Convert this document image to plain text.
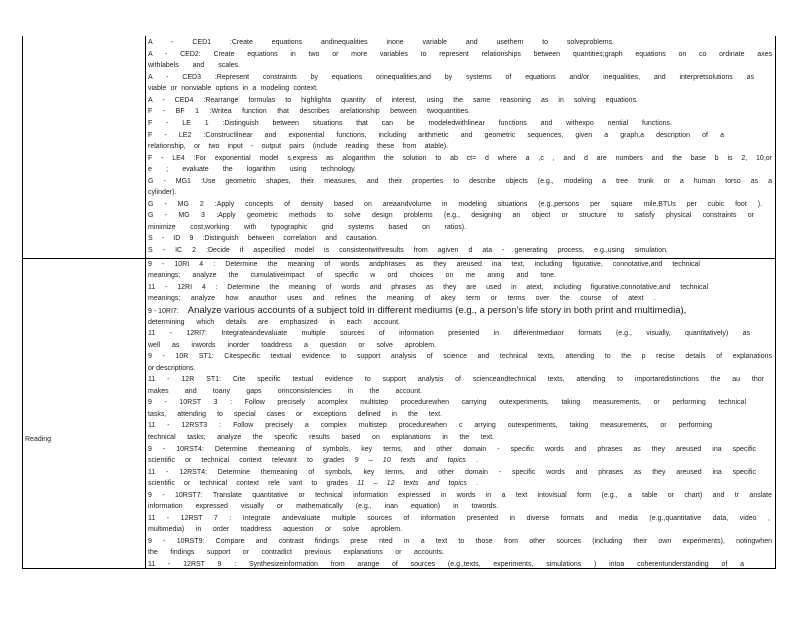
Reading
A - CED1 :Create equations andinequalities inone variable and usethem to solveproblems.
A - CED2: Create equations in two or more variables to represent relationships between quantities;graph equations on co ordinate axes
withlabels and scales.
A - CED3 :Represent constraints by equations orinequalities,and by systems of equations and/or inequalities, and interpretsolutions as
viable or nonviable options in a modeling context.
A - CED4 :Rearrange formulas to highlighta quantity of interest, using the same reasoning as in solving equations.
F - BF 1 :Writea function that describes arelationship between twoquantities.
F - LE 1 :Distinguish between situations that can be modeledwithlinear functions and withexpo nential functions.
F - LE2 :Constructlinear and exponential functions, including arithmetic and geometric sequences, given a graph,a description of a
relationship, or two input - output pairs (include reading these from atable).
F - LE4 :For exponential model s,express as alogarithm the solution to ab ct= d where a ,c , and d are numbers and the base b is 2, 10,or
e ; evaluate the logarithm using technology.
G - MG1 :Use geometric shapes, their measures, and their properties to describe objects (e.g., modeling a tree trunk or a human torso as a
cylinder).
G - MG 2 :Apply concepts of density based on areaandvolume in modeling situations (e.g.,persons per square mile,BTUs per cubic foot ).
G - MG 3 :Apply geometric methods to solve design problems (e.g., designing an object or structure to satisfy physical constraints or
minimize cost;working with typographic grid systems based on ratios).
S - ID 9 :Distinguish between correlation and causation.
S - IC 2 :Decide if aspecified model is consistentwithresults from agiven d ata - generating process, e.g.,using simulation.
9 - 10RI 4 : Determine the meaning of words andphrases as they areused ina text, including figurative, connotative,and technical
meanings; analyze the cumulativeimpact of specific w ord choices on me aning and tone.
11 - 12RI 4 : Determine the meaning of words and phrases as they are used in atext, including figurative,connotative,and technical
meanings; analyze how anauthor uses and refines the meaning of akey term or terms over the course of atext .
9 - 10RI7: Analyze various accounts of a subject told in different mediums (e.g., a person's life story in both print and multimedia),
determining which details are emphasized in each account.
11 - 12RI7: Integrateandevaluate multiple sources of information presented in differentmediaor formats (e.g., visually, quantitatively) as
well as inwords inorder toaddress a question or solve aproblem.
9 - 10R ST1: Citespecific textual evidence to support analysis of science and technical texts, attending to the p recise details of explanations
or descriptions.
11 - 12R ST1: Cite specific textual evidence to support analysis of scienceandtechnical texts, attending to importantdistinctions the au thor
makes and toany gaps orinconsistencies in the account.
9 - 10RST 3 : Follow precisely acomplex multistep procedurewhen carrying outexperiments, taking measurements, or performing technical
tasks, attending to special cases or exceptions defined in the text.
11 - 12RST3 : Follow precisely a complex multistep procedurewhen c arrying outexperiments, taking measurements, or performing
technical tasks; analyze the specific results based on explanations in the text.
9 - 10RST4: Determine themeaning of symbols, key terms, and other domain - specific words and phrases as they areused ina specific
scientific or technical context relevant to grades 9 – 10 texts and topics .
11 - 12RST4: Determine themeaning of symbols, key terms, and other domain - specific words and phrases as they areused ina specific
scientific or technical context rele vant to grades 11 – 12 texts and topics .
9 - 10RST7: Translate quantitative or technical information expressed in words in a text intovisual form (e.g., a table or chart) and tr anslate
information expressed visually or mathematically (e.g., inan equation) in towords.
11 - 12RST 7 : Integrate andevaluate multiple sources of information presented in diverse formats and media (e.g.,quantitative data, video ,
multimedia) in order toaddress aquestion or solve aproblem.
9 - 10RST9: Compare and contrast findings prese nted in a text to those from other sources (including their own experiments), notingwhen
the findings support or contradict previous explanations or accounts.
11 - 12RST 9 : Synthesizeinformation from arange of sources (e.g.,texts, experiments, simulations ) intoa coherentunderstanding of a
